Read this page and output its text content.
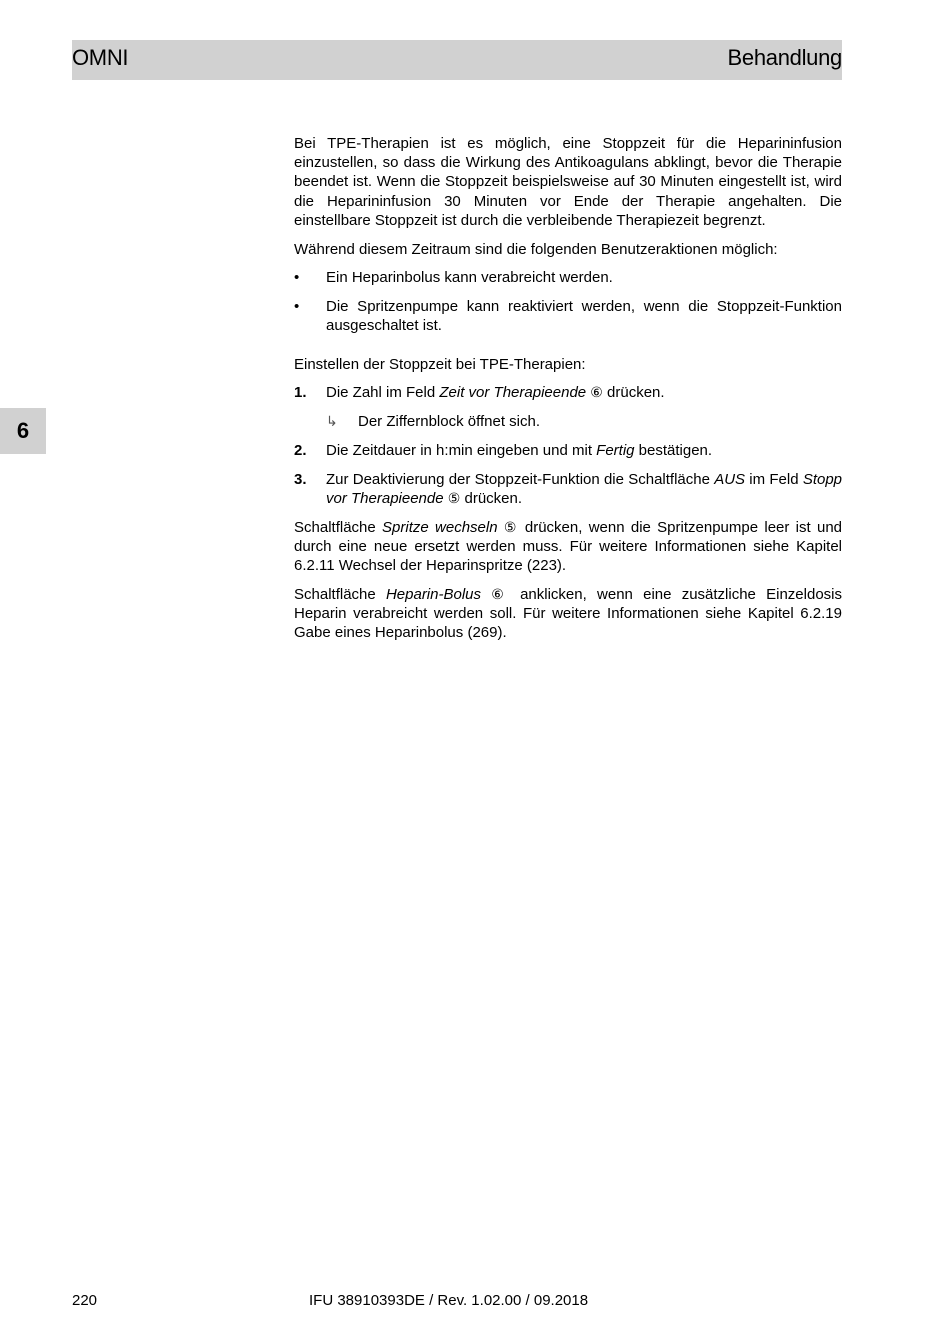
OMNI	Behandlung
6

Bei TPE-Therapien ist es möglich, eine Stoppzeit für die Heparininfusion einzustellen, so dass die Wirkung des Antikoagulans abklingt, bevor die Therapie beendet ist. Wenn die Stoppzeit beispielsweise auf 30 Minuten eingestellt ist, wird die Heparininfusion 30 Minuten vor Ende der Therapie angehalten. Die einstellbare Stoppzeit ist durch die verbleibende Therapiezeit begrenzt.

Während diesem Zeitraum sind die folgenden Benutzeraktionen möglich:

•	Ein Heparinbolus kann verabreicht werden.
•	Die Spritzenpumpe kann reaktiviert werden, wenn die Stoppzeit-Funktion ausgeschaltet ist.

Einstellen der Stoppzeit bei TPE-Therapien:

1.	Die Zahl im Feld Zeit vor Therapieende ⑥ drücken.
↳	Der Ziffernblock öffnet sich.
2.	Die Zeitdauer in h:min eingeben und mit Fertig bestätigen.
3.	Zur Deaktivierung der Stoppzeit-Funktion die Schaltfläche AUS im Feld Stopp vor Therapieende ⑤ drücken.

Schaltfläche Spritze wechseln ⑤ drücken, wenn die Spritzenpumpe leer ist und durch eine neue ersetzt werden muss. Für weitere Informationen siehe Kapitel 6.2.11 Wechsel der Heparinspritze (223).

Schaltfläche Heparin-Bolus ⑥ anklicken, wenn eine zusätzliche Einzeldosis Heparin verabreicht werden soll. Für weitere Informationen siehe Kapitel 6.2.19 Gabe eines Heparinbolus (269).

220	IFU 38910393DE / Rev. 1.02.00 / 09.2018
